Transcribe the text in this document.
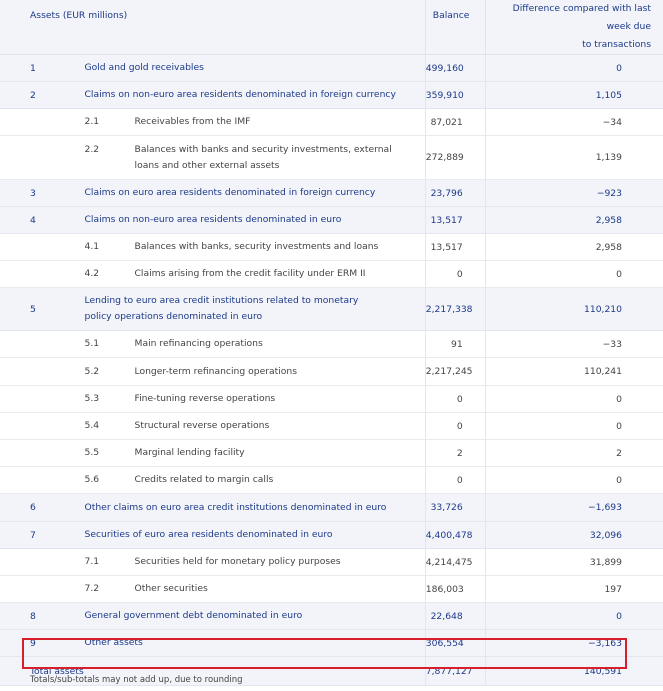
Assets (EUR millions)		Balance	Difference compared with last week due
to transactions
1	Gold and gold receivables	499,160	0
2	Claims on non-euro area residents denominated in foreign currency	359,910	1,105
	2.1 Receivables from the IMF	87,021	−34

	2.2 Balances with banks and security investments, external loans and other external assets	272,889	1,139
3	Claims on euro area residents denominated in foreign currency	23,796	−923
4	Claims on non-euro area residents denominated in euro	13,517	2,958
	4.1 Balances with banks, security investments and loans	13,517	2,958
	4.2 Claims arising from the credit facility under ERM II	0	0
5	Lending to euro area credit institutions related to monetary policy operations denominated in euro	2,217,338	110,210
	5.1 Main refinancing operations	91	−33
	5.2 Longer-term refinancing operations	2,217,245	110,241
	5.3 Fine-tuning reverse operations	0	0
	5.4 Structural reverse operations	0	0
	5.5 Marginal lending facility	2	2
	5.6 Credits related to margin calls	0	0
6	Other claims on euro area credit institutions denominated in euro	33,726	−1,693
7	Securities of euro area residents denominated in euro	4,400,478	32,096
	7.1 Securities held for monetary policy purposes	4,214,475	31,899
	7.2 Other securities	186,003	197
8	General government debt denominated in euro	22,648	0
9	Other assets	306,554	−3,163
Total assets		7,877,127	140,591
Totals/sub-totals may not add up, due to rounding
